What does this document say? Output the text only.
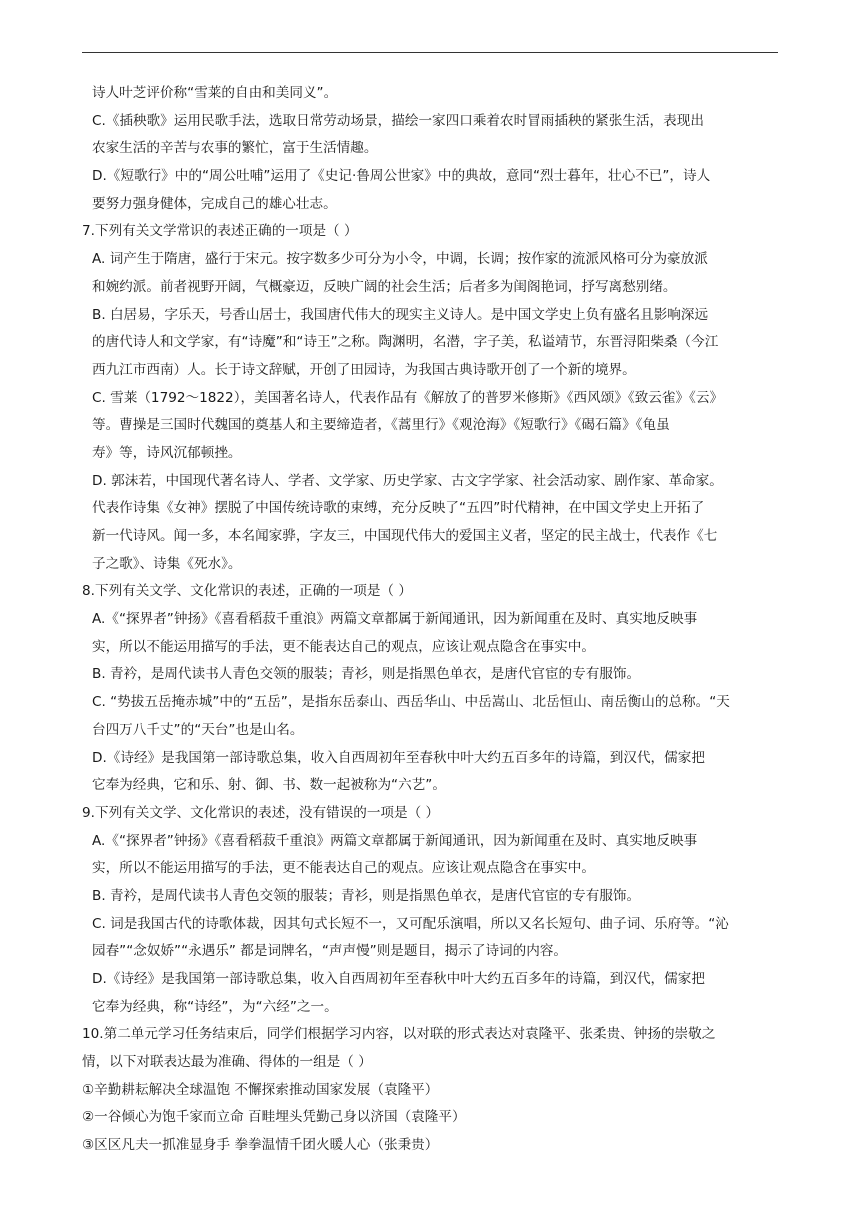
诗人叶芝评价称“雪莱的自由和美同义”。
C.《插秧歌》运用民歌手法，选取日常劳动场景，描绘一家四口乘着农时冒雨插秧的紧张生活，表现出
农家生活的辛苦与农事的繁忙，富于生活情趣。
D.《短歌行》中的“周公吐哺”运用了《史记·鲁周公世家》中的典故，意同“烈士暮年，壮心不已”，诗人
要努力强身健体，完成自己的雄心壮志。
7.下列有关文学常识的表述正确的一项是（ ）
A. 词产生于隋唐，盛行于宋元。按字数多少可分为小令，中调，长调；按作家的流派风格可分为豪放派
和婉约派。前者视野开阔，气概豪迈，反映广阔的社会生活；后者多为闺阁艳词，抒写离愁别绪。
B. 白居易，字乐天，号香山居士，我国唐代伟大的现实主义诗人。是中国文学史上负有盛名且影响深远
的唐代诗人和文学家，有“诗魔”和“诗王”之称。陶渊明，名潜，字子美，私谥靖节，东晋浔阳柴桑（今江
西九江市西南）人。长于诗文辞赋，开创了田园诗，为我国古典诗歌开创了一个新的境界。
C. 雪莱（1792～1822），美国著名诗人，代表作品有《解放了的普罗米修斯》《西风颂》《致云雀》《云》
等。曹操是三国时代魏国的奠基人和主要缔造者，《蒿里行》《观沧海》《短歌行》《碣石篇》《龟虽
寿》等，诗风沉郁顿挫。
D. 郭沫若，中国现代著名诗人、学者、文学家、历史学家、古文字学家、社会活动家、剧作家、革命家。
代表作诗集《女神》摆脱了中国传统诗歌的束缚，充分反映了“五四”时代精神，在中国文学史上开拓了
新一代诗风。闻一多，本名闻家骅，字友三，中国现代伟大的爱国主义者，坚定的民主战士，代表作《七
子之歌》、诗集《死水》。
8.下列有关文学、文化常识的表述，正确的一项是（ ）
A.《“探界者”钟扬》《喜看稻菽千重浪》两篇文章都属于新闻通讯，因为新闻重在及时、真实地反映事
实，所以不能运用描写的手法，更不能表达自己的观点，应该让观点隐含在事实中。
B. 青衿，是周代读书人青色交领的服装；青衫，则是指黑色单衣，是唐代官宦的专有服饰。
C. “势拔五岳掩赤城”中的“五岳”，是指东岳泰山、西岳华山、中岳嵩山、北岳恒山、南岳衡山的总称。“天
台四万八千丈”的“天台”也是山名。
D.《诗经》是我国第一部诗歌总集，收入自西周初年至春秋中叶大约五百多年的诗篇，到汉代，儒家把
它奉为经典，它和乐、射、御、书、数一起被称为“六艺”。
9.下列有关文学、文化常识的表述，没有错误的一项是（ ）
A.《“探界者”钟扬》《喜看稻菽千重浪》两篇文章都属于新闻通讯，因为新闻重在及时、真实地反映事
实，所以不能运用描写的手法，更不能表达自己的观点。应该让观点隐含在事实中。
B. 青衿，是周代读书人青色交领的服装；青衫，则是指黑色单衣，是唐代官宦的专有服饰。
C. 词是我国古代的诗歌体裁，因其句式长短不一，又可配乐演唱，所以又名长短句、曲子词、乐府等。“沁
园春”“念奴娇”“永遇乐” 都是词牌名，“声声慢”则是题目，揭示了诗词的内容。
D.《诗经》是我国第一部诗歌总集，收入自西周初年至春秋中叶大约五百多年的诗篇，到汉代，儒家把
它奉为经典，称“诗经”，为“六经”之一。
10.第二单元学习任务结束后，同学们根据学习内容，以对联的形式表达对袁隆平、张柔贵、钟扬的崇敬之
情，以下对联表达最为准确、得体的一组是（ ）
①辛勤耕耘解决全球温饱 不懈探索推动国家发展（袁隆平）
②一谷倾心为饱千家而立命 百畦埋头凭勤己身以济国（袁隆平）
③区区凡夫一抓准显身手 拳拳温情千团火暖人心（张秉贵）
